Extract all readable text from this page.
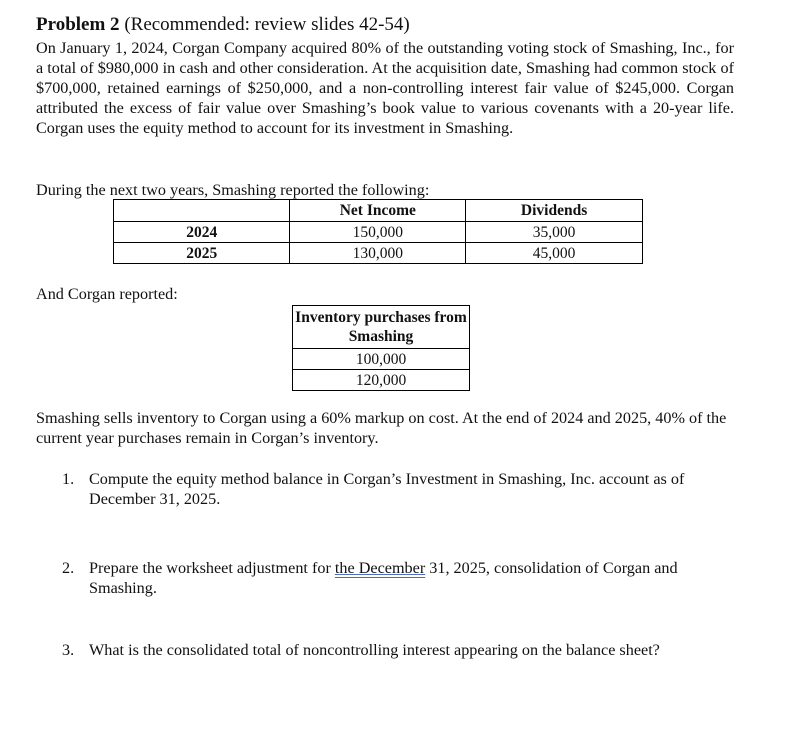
Problem 2 (Recommended: review slides 42-54)
On January 1, 2024, Corgan Company acquired 80% of the outstanding voting stock of Smashing, Inc., for a total of $980,000 in cash and other consideration. At the acquisition date, Smashing had common stock of $700,000, retained earnings of $250,000, and a non-controlling interest fair value of $245,000. Corgan attributed the excess of fair value over Smashing’s book value to various covenants with a 20-year life. Corgan uses the equity method to account for its investment in Smashing.
During the next two years, Smashing reported the following:
	Net Income	Dividends
2024	150,000	35,000
2025	130,000	45,000
And Corgan reported:
Inventory purchases from Smashing
100,000
120,000
Smashing sells inventory to Corgan using a 60% markup on cost. At the end of 2024 and 2025, 40% of the current year purchases remain in Corgan’s inventory.
1. Compute the equity method balance in Corgan’s Investment in Smashing, Inc. account as of December 31, 2025.
2. Prepare the worksheet adjustment for the December 31, 2025, consolidation of Corgan and Smashing.
3. What is the consolidated total of noncontrolling interest appearing on the balance sheet?
